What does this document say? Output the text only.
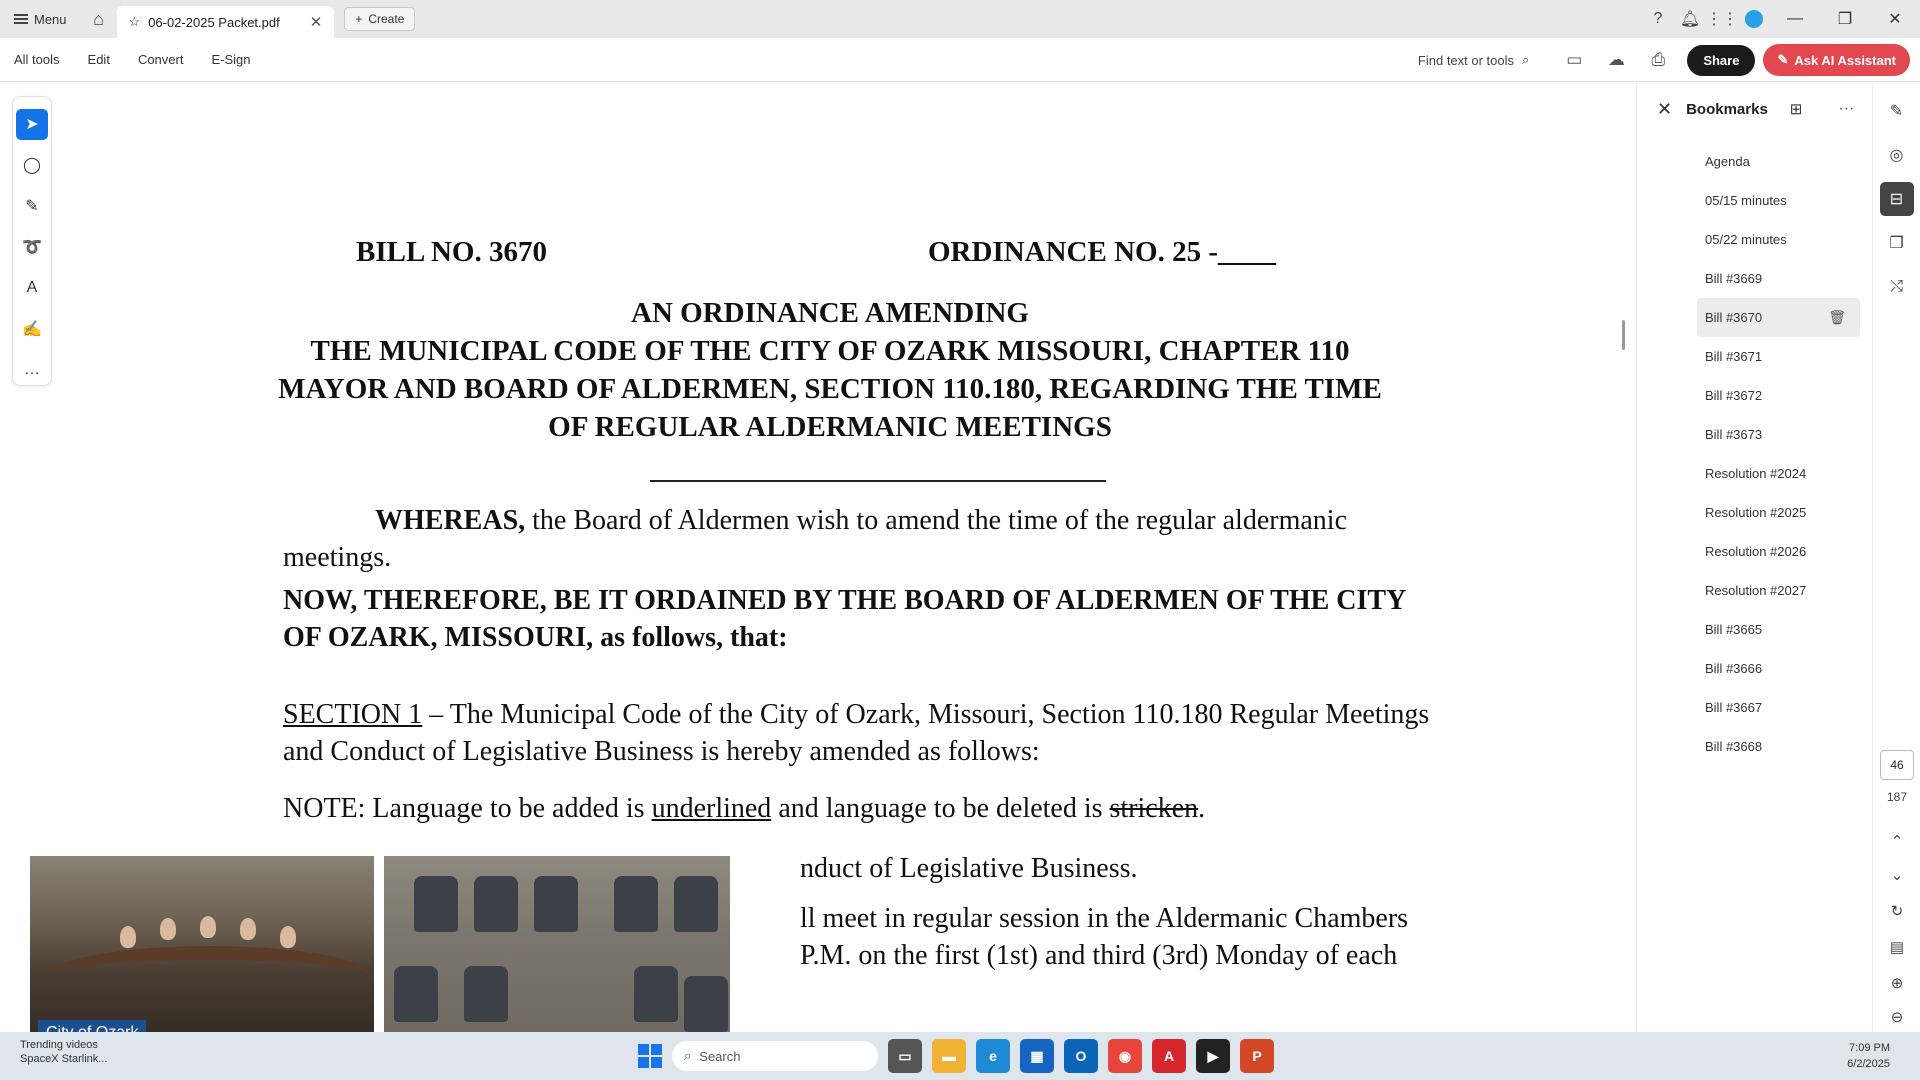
Menu	⌂	☆ 06-02-2025 Packet.pdf ✕	+ Create	?	🔔︎ ⋮⋮	—	❐	✕
All tools	Edit	Convert	E-Sign	Find text or tools ⌕	▭	☁	⎙	Share	✎ Ask AI Assistant
➤
◯
✎
➰
A
✍
…
BILL NO. 3670	ORDINANCE NO. 25 -____
AN ORDINANCE AMENDING
THE MUNICIPAL CODE OF THE CITY OF OZARK MISSOURI, CHAPTER 110
MAYOR AND BOARD OF ALDERMEN, SECTION 110.180, REGARDING THE TIME
OF REGULAR ALDERMANIC MEETINGS
WHEREAS, the Board of Aldermen wish to amend the time of the regular aldermanic meetings.
NOW, THEREFORE, BE IT ORDAINED BY THE BOARD OF ALDERMEN OF THE CITY OF OZARK, MISSOURI, as follows, that:
SECTION 1 – The Municipal Code of the City of Ozark, Missouri, Section 110.180 Regular Meetings and Conduct of Legislative Business is hereby amended as follows:
NOTE: Language to be added is underlined and language to be deleted is stricken.
nduct of Legislative Business.
ll meet in regular session in the Aldermanic Chambers
P.M. on the first (1st) and third (3rd) Monday of each
✕ Bookmarks ⊞ ···
Agenda
05/15 minutes
05/22 minutes
Bill #3669
Bill #3670	🗑︎
Bill #3671
Bill #3672
Bill #3673
Resolution #2024
Resolution #2025
Resolution #2026
Resolution #2027
Bill #3665
Bill #3666
Bill #3667
Bill #3668
✎
◎
⊟
❐
⤭
46
187
⌃
⌄
↻
▤
⊕
⊖
Trending videos
SpaceX Starlink...	⌕ Search	▭	▬	e	▦	O	◉	A	▶	P	7:09 PM
6/2/2025
